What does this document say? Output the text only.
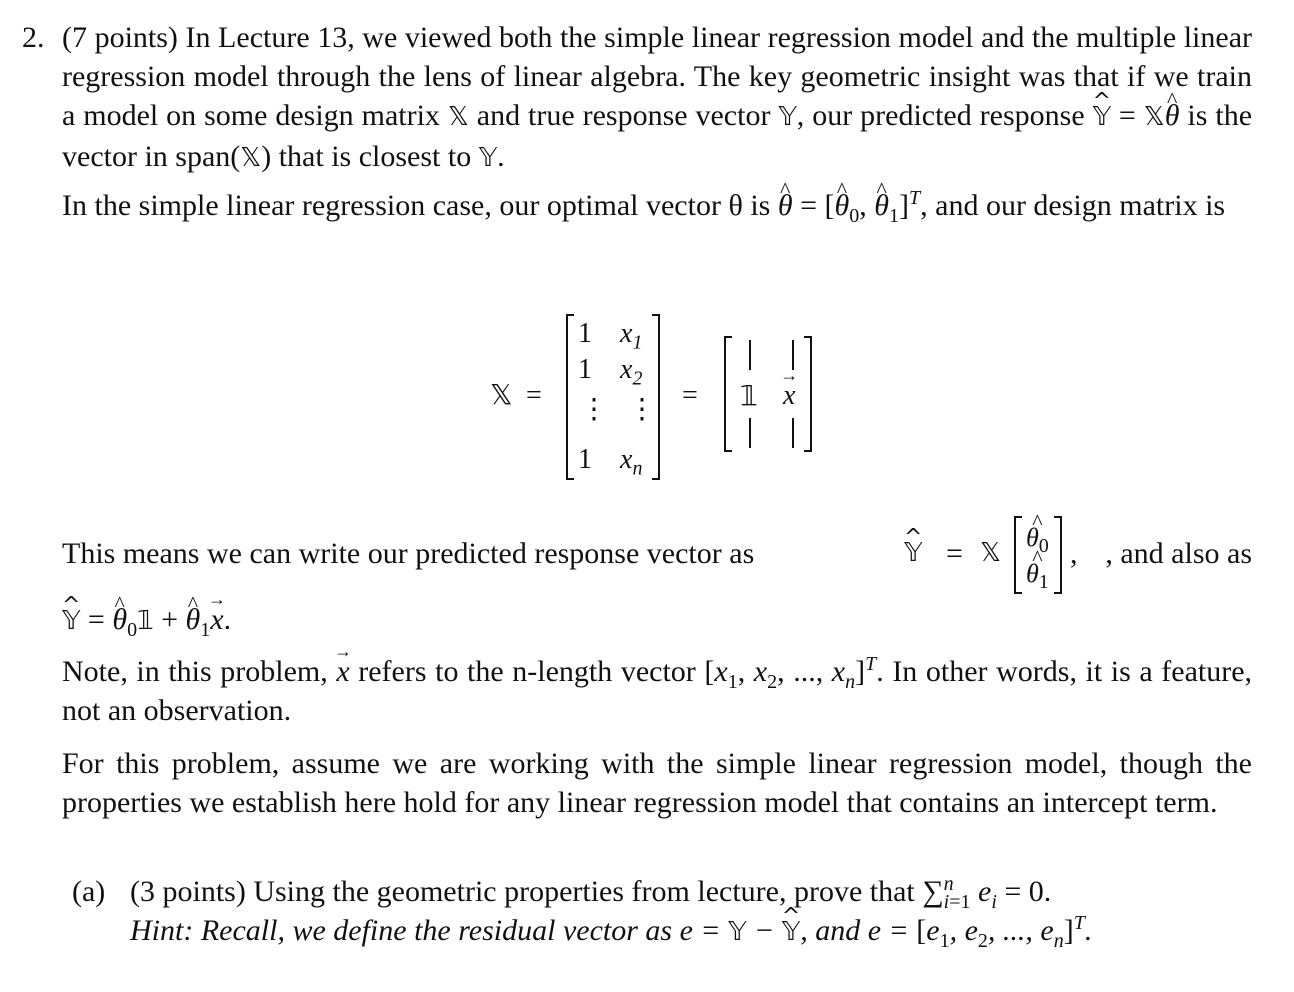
2. (7 points) In Lecture 13, we viewed both the simple linear regression model and the multiple linear regression model through the lens of linear algebra. The key geometric insight was that if we train a model on some design matrix 𝕏 and true response vector 𝕐, our predicted response ^ 𝕐 = 𝕏^ θ is the vector in span(𝕏) that is closest to 𝕐.

In the simple linear regression case, our optimal vector θ is ^ θ = [^ $\theta_0$, ^ $\theta_1]^T$, and our design matrix is

𝕏 =
1 $x_1$
1 $x_2$
⋮ ⋮
1 $x_n$
= 𝟙 → x
This means we can write our predicted response vector as	^ 𝕐 = 𝕏
^ $\theta_0$
^ $\theta_1$
, , and also as

^ 𝕐 = ^ $\theta_0𝟙$ + ^ $\theta_1\to x$.

Note, in this problem, → x refers to the n-length vector [$x_1$, $x_2$, ..., $x_n]^T$. In other words, it is a feature, not an observation.

For this problem, assume we are working with the simple linear regression model, though the properties we establish here hold for any linear regression model that contains an intercept term.

(a) (3 points) Using the geometric properties from lecture, prove that ∑$^n_{i=1}$ $e_i = 0$.
Hint: Recall, we define the residual vector as e = 𝕐 − ^ 𝕐, and $e = [e_1$, $e_2$, ..., $e_n]^T$.
